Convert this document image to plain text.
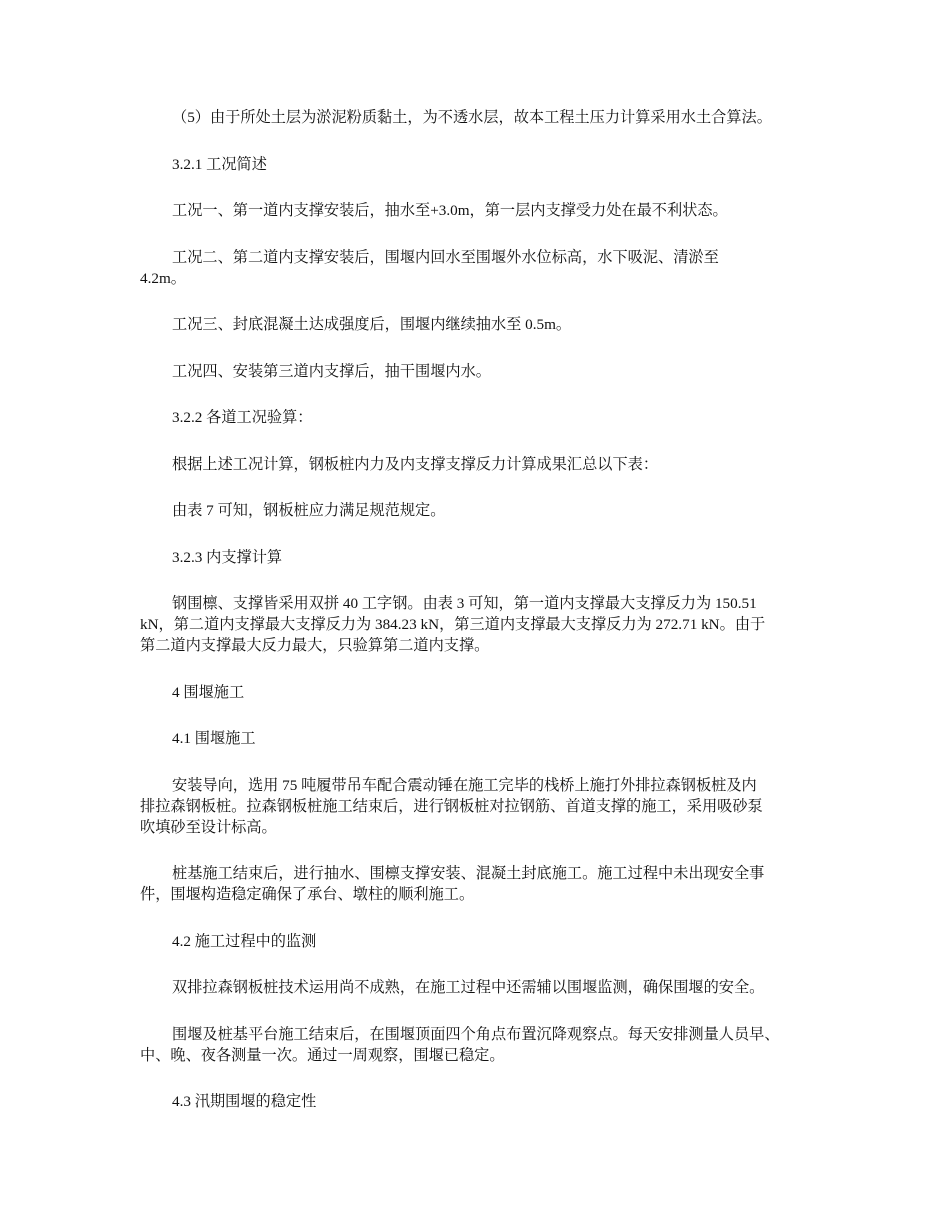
（5）由于所处土层为淤泥粉质黏土，为不透水层，故本工程土压力计算采用水土合算法。
3.2.1 工况简述
工况一、第一道内支撑安装后，抽水至+3.0m，第一层内支撑受力处在最不利状态。
工况二、第二道内支撑安装后，围堰内回水至围堰外水位标高，水下吸泥、清淤至
4.2m。
工况三、封底混凝土达成强度后，围堰内继续抽水至 0.5m。
工况四、安装第三道内支撑后，抽干围堰内水。
3.2.2 各道工况验算：
根据上述工况计算，钢板桩内力及内支撑支撑反力计算成果汇总以下表：
由表 7 可知，钢板桩应力满足规范规定。
3.2.3 内支撑计算
钢围檩、支撑皆采用双拼 40 工字钢。由表 3 可知，第一道内支撑最大支撑反力为 150.51
kN，第二道内支撑最大支撑反力为 384.23 kN，第三道内支撑最大支撑反力为 272.71 kN。由于
第二道内支撑最大反力最大，只验算第二道内支撑。
4 围堰施工
4.1 围堰施工
安装导向，选用 75 吨履带吊车配合震动锤在施工完毕的栈桥上施打外排拉森钢板桩及内
排拉森钢板桩。拉森钢板桩施工结束后，进行钢板桩对拉钢筋、首道支撑的施工，采用吸砂泵
吹填砂至设计标高。
桩基施工结束后，进行抽水、围檩支撑安装、混凝土封底施工。施工过程中未出现安全事
件，围堰构造稳定确保了承台、墩柱的顺利施工。
4.2 施工过程中的监测
双排拉森钢板桩技术运用尚不成熟，在施工过程中还需辅以围堰监测，确保围堰的安全。
围堰及桩基平台施工结束后，在围堰顶面四个角点布置沉降观察点。每天安排测量人员早、
中、晚、夜各测量一次。通过一周观察，围堰已稳定。
4.3 汛期围堰的稳定性
